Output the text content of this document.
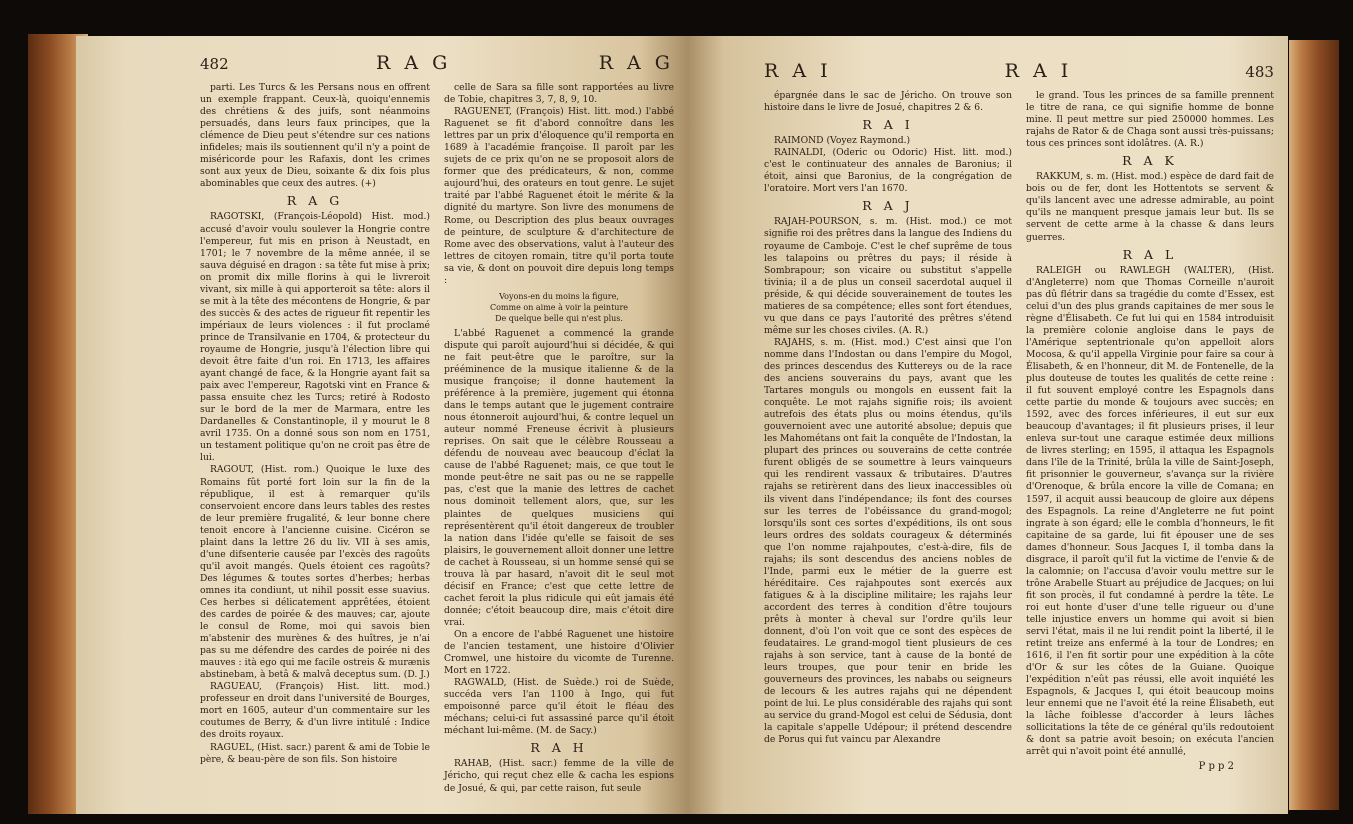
482	R A G	R A G

parti. Les Turcs & les Persans nous en offrent un exemple frappant. Ceux-là, quoiqu'ennemis des chrétiens & des juifs, sont néanmoins persuadés, dans leurs faux principes, que la clémence de Dieu peut s'étendre sur ces nations infideles; mais ils soutiennent qu'il n'y a point de miséricorde pour les Rafaxis, dont les crimes sont aux yeux de Dieu, soixante & dix fois plus abominables que ceux des autres. (+)

R A G

RAGOTSKI, (François-Léopold) Hist. mod.) accusé d'avoir voulu soulever la Hongrie contre l'empereur, fut mis en prison à Neustadt, en 1701; le 7 novembre de la même année, il se sauva déguisé en dragon : sa tête fut mise à prix; on promit dix mille florins à qui le livreroit vivant, six mille à qui apporteroit sa tête: alors il se mit à la tête des mécontens de Hongrie, & par des succès & des actes de rigueur fit repentir les impériaux de leurs violences : il fut proclamé prince de Transilvanie en 1704, & protecteur du royaume de Hongrie, jusqu'à l'élection libre qui devoit être faite d'un roi. En 1713, les affaires ayant changé de face, & la Hongrie ayant fait sa paix avec l'empereur, Ragotski vint en France & passa ensuite chez les Turcs; retiré à Rodosto sur le bord de la mer de Marmara, entre les Dardanelles & Constantinople, il y mourut le 8 avril 1735. On a donné sous son nom en 1751, un testament politique qu'on ne croit pas être de lui.

RAGOUT, (Hist. rom.) Quoique le luxe des Romains fût porté fort loin sur la fin de la république, il est à remarquer qu'ils conservoient encore dans leurs tables des restes de leur première frugalité, & leur bonne chere tenoit encore à l'ancienne cuisine. Cicéron se plaint dans la lettre 26 du liv. VII à ses amis, d'une difsenterie causée par l'excès des ragoûts qu'il avoit mangés. Quels étoient ces ragoûts? Des légumes & toutes sortes d'herbes; herbas omnes ita condiunt, ut nihil possit esse suavius. Ces herbes si délicatement apprêtées, étoient des cardes de poirée & des mauves; car, ajoute le consul de Rome, moi qui savois bien m'abstenir des murènes & des huîtres, je n'ai pas su me défendre des cardes de poirée ni des mauves : ità ego qui me facile ostreis & murænis abstinebam, à betâ & malvâ deceptus sum. (D. J.)

RAGUEAU, (François) Hist. litt. mod.) professeur en droit dans l'université de Bourges, mort en 1605, auteur d'un commentaire sur les coutumes de Berry, & d'un livre intitulé : Indice des droits royaux.

RAGUEL, (Hist. sacr.) parent & ami de Tobie le père, & beau-père de son fils. Son histoire

celle de Sara sa fille sont rapportées au livre de Tobie, chapitres 3, 7, 8, 9, 10.

RAGUENET, (François) Hist. litt. mod.) l'abbé Raguenet se fit d'abord connoître dans les lettres par un prix d'éloquence qu'il remporta en 1689 à l'académie françoise. Il paroît par les sujets de ce prix qu'on ne se proposoit alors de former que des prédicateurs, & non, comme aujourd'hui, des orateurs en tout genre. Le sujet traité par l'abbé Raguenet étoit le mérite & la dignité du martyre. Son livre des monumens de Rome, ou Description des plus beaux ouvrages de peinture, de sculpture & d'architecture de Rome avec des observations, valut à l'auteur des lettres de citoyen romain, titre qu'il porta toute sa vie, & dont on pouvoit dire depuis long temps :

Voyons-en du moins la figure,
Comme on aime à voir la peinture
De quelque belle qui n'est plus.

L'abbé Raguenet a commencé la grande dispute qui paroît aujourd'hui si décidée, & qui ne fait peut-être que le paroître, sur la prééminence de la musique italienne & de la musique françoise; il donne hautement la préférence à la première, jugement qui étonna dans le temps autant que le jugement contraire nous étonneroit aujourd'hui, & contre lequel un auteur nommé Freneuse écrivit à plusieurs reprises. On sait que le célèbre Rousseau a défendu de nouveau avec beaucoup d'éclat la cause de l'abbé Raguenet; mais, ce que tout le monde peut-être ne sait pas ou ne se rappelle pas, c'est que la manie des lettres de cachet nous dominoit tellement alors, que, sur les plaintes de quelques musiciens qui représentèrent qu'il étoit dangereux de troubler la nation dans l'idée qu'elle se faisoit de ses plaisirs, le gouvernement alloit donner une lettre de cachet à Rousseau, si un homme sensé qui se trouva là par hasard, n'avoit dit le seul mot décisif en France; c'est que cette lettre de cachet feroit la plus ridicule qui eût jamais été donnée; c'étoit beaucoup dire, mais c'étoit dire vrai.

On a encore de l'abbé Raguenet une histoire de l'ancien testament, une histoire d'Olivier Cromwel, une histoire du vicomte de Turenne. Mort en 1722.

RAGWALD, (Hist. de Suède.) roi de Suède, succéda vers l'an 1100 à Ingo, qui fut empoisonné parce qu'il étoit le fléau des méchans; celui-ci fut assassiné parce qu'il étoit méchant lui-même. (M. de Sacy.)

R A H

RAHAB, (Hist. sacr.) femme de la ville de Jéricho, qui reçut chez elle & cacha les espions de Josué, & qui, par cette raison, fut seule

R A I	R A I	483

épargnée dans le sac de Jéricho. On trouve son histoire dans le livre de Josué, chapitres 2 & 6.

R A I

RAIMOND (Voyez Raymond.)

RAINALDI, (Oderic ou Odoric) Hist. litt. mod.) c'est le continuateur des annales de Baronius; il étoit, ainsi que Baronius, de la congrégation de l'oratoire. Mort vers l'an 1670.

R A J

RAJAH-POURSON, s. m. (Hist. mod.) ce mot signifie roi des prêtres dans la langue des Indiens du royaume de Camboje. C'est le chef suprême de tous les talapoins ou prêtres du pays; il réside à Sombrapour; son vicaire ou substitut s'appelle tivinia; il a de plus un conseil sacerdotal auquel il préside, & qui décide souverainement de toutes les matieres de sa compétence; elles sont fort étendues, vu que dans ce pays l'autorité des prêtres s'étend même sur les choses civiles. (A. R.)

RAJAHS, s. m. (Hist. mod.) C'est ainsi que l'on nomme dans l'Indostan ou dans l'empire du Mogol, des princes descendus des Kuttereys ou de la race des anciens souverains du pays, avant que les Tartares monguls ou mongols en eussent fait la conquête. Le mot rajahs signifie rois; ils avoient autrefois des états plus ou moins étendus, qu'ils gouvernoient avec une autorité absolue; depuis que les Mahométans ont fait la conquête de l'Indostan, la plupart des princes ou souverains de cette contrée furent obligés de se soumettre à leurs vainqueurs qui les rendirent vassaux & tributaires. D'autres rajahs se retirèrent dans des lieux inaccessibles où ils vivent dans l'indépendance; ils font des courses sur les terres de l'obéissance du grand-mogol; lorsqu'ils sont ces sortes d'expéditions, ils ont sous leurs ordres des soldats courageux & déterminés que l'on nomme rajahpoutes, c'est-à-dire, fils de rajahs; ils sont descendus des anciens nobles de l'Inde, parmi eux le métier de la guerre est héréditaire. Ces rajahpoutes sont exercés aux fatigues & à la discipline militaire; les rajahs leur accordent des terres à condition d'être toujours prêts à monter à cheval sur l'ordre qu'ils leur donnent, d'où l'on voit que ce sont des espèces de feudataires. Le grand-mogol tient plusieurs de ces rajahs à son service, tant à cause de la bonté de leurs troupes, que pour tenir en bride les gouverneurs des provinces, les nababs ou seigneurs de lecours & les autres rajahs qui ne dépendent point de lui. Le plus considérable des rajahs qui sont au service du grand-Mogol est celui de Sédusia, dont la capitale s'appelle Udépour; il prétend descendre de Porus qui fut vaincu par Alexandre

le grand. Tous les princes de sa famille prennent le titre de rana, ce qui signifie homme de bonne mine. Il peut mettre sur pied 250000 hommes. Les rajahs de Rator & de Chaga sont aussi très-puissans; tous ces princes sont idolâtres. (A. R.)

R A K

RAKKUM, s. m. (Hist. mod.) espèce de dard fait de bois ou de fer, dont les Hottentots se servent & qu'ils lancent avec une adresse admirable, au point qu'ils ne manquent presque jamais leur but. Ils se servent de cette arme à la chasse & dans leurs guerres.

R A L

RALEIGH ou RAWLEGH (WALTER), (Hist. d'Angleterre) nom que Thomas Corneille n'auroit pas dû flétrir dans sa tragédie du comte d'Essex, est celui d'un des plus grands capitaines de mer sous le règne d'Élisabeth. Ce fut lui qui en 1584 introduisit la première colonie angloise dans le pays de l'Amérique septentrionale qu'on appelloit alors Mocosa, & qu'il appella Virginie pour faire sa cour à Élisabeth, & en l'honneur, dit M. de Fontenelle, de la plus douteuse de toutes les qualités de cette reine : il fut souvent employé contre les Espagnols dans cette partie du monde & toujours avec succès; en 1592, avec des forces inférieures, il eut sur eux beaucoup d'avantages; il fit plusieurs prises, il leur enleva sur-tout une caraque estimée deux millions de livres sterling; en 1595, il attaqua les Espagnols dans l'île de la Trinité, brûla la ville de Saint-Joseph, fit prisonnier le gouverneur, s'avança sur la rivière d'Orenoque, & brûla encore la ville de Comana; en 1597, il acquit aussi beaucoup de gloire aux dépens des Espagnols. La reine d'Angleterre ne fut point ingrate à son égard; elle le combla d'honneurs, le fit capitaine de sa garde, lui fit épouser une de ses dames d'honneur. Sous Jacques I, il tomba dans la disgrace, il paroît qu'il fut la victime de l'envie & de la calomnie; on l'accusa d'avoir voulu mettre sur le trône Arabelle Stuart au préjudice de Jacques; on lui fit son procès, il fut condamné à perdre la tête. Le roi eut honte d'user d'une telle rigueur ou d'une telle injustice envers un homme qui avoit si bien servi l'état, mais il ne lui rendit point la liberté, il le retint treize ans enfermé à la tour de Londres; en 1616, il l'en fit sortir pour une expédition à la côte d'Or & sur les côtes de la Guiane. Quoique l'expédition n'eût pas réussi, elle avoit inquiété les Espagnols, & Jacques I, qui étoit beaucoup moins leur ennemi que ne l'avoit été la reine Élisabeth, eut la lâche foiblesse d'accorder à leurs lâches sollicitations la tête de ce général qu'ils redoutoient & dont sa patrie avoit besoin; on exécuta l'ancien arrêt qui n'avoit point été annullé,

P p p 2
